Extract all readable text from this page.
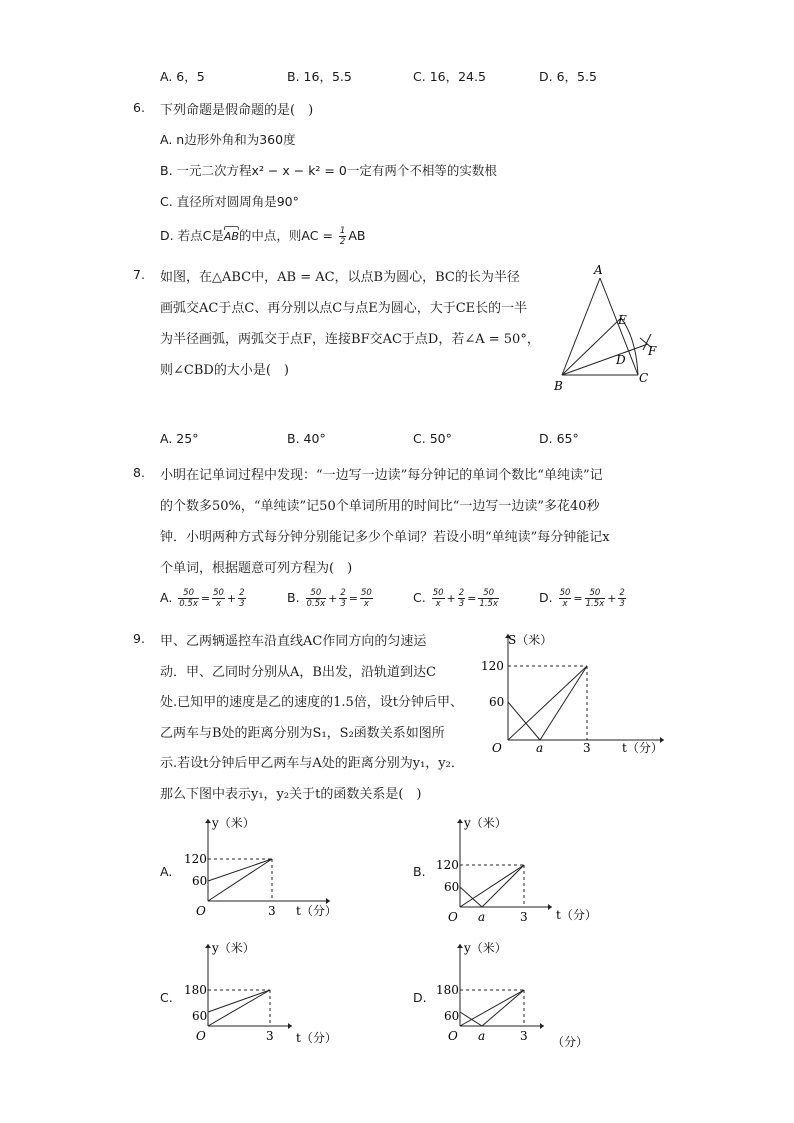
A. 6，5	B. 16，5.5	C. 16，24.5	D. 6，5.5
6. 下列命题是假命题的是(　)
A. n边形外角和为360度
B. 一元二次方程x² − x − k² = 0一定有两个不相等的实数根
C. 直径所对圆周角是90°
D. 若点C是
AB的中点，则AC = $\frac{1}{2}$ AB
7. 如图，在△ABC中，AB = AC，以点B为圆心，BC的长为半径
画弧交AC于点C、再分别以点C与点E为圆心，大于CE长的一半
为半径画弧，两弧交于点F，连接BF交AC于点D，若∠A = 50°，
则∠CBD的大小是(　)
A
B
C
D
E
F
A. 25°	B. 40°	C. 50°	D. 65°
8. 小明在记单词过程中发现：“一边写一边读”每分钟记的单词个数比“单纯读”记
的个数多50%，“单纯读”记50个单词所用的时间比“一边写一边读”多花40秒
钟．小明两种方式每分钟分别能记多少个单词？若设小明“单纯读”每分钟能记x
个单词，根据题意可列方程为(　)
A. $\frac{50}{0.5x} = \frac{50}{x} + \frac{2}{3}$	B. $\frac{50}{0.5x} + \frac{2}{3} = \frac{50}{x}$	C. $\frac{50}{x} + \frac{2}{3} = \frac{50}{1.5x}$	D. $\frac{50}{x} = \frac{50}{1.5x} + \frac{2}{3}$
9. 甲、乙两辆遥控车沿直线AC作同方向的匀速运
动．甲、乙同时分别从A，B出发，沿轨道到达C
处.已知甲的速度是乙的速度的1.5倍，设t分钟后甲、
乙两车与B处的距离分别为S₁，S₂函数关系如图所
示.若设t分钟后甲乙两车与A处的距离分别为y₁，y₂．
那么下图中表示y₁，y₂关于t的函数关系是(　)
S（米）
120
60
O	a	3	t（分）
A.
y（米）
120
60
O	3 t（分）
B.
y（米）
120
60
O a	3 t（分）
C.
y（米）
180
60
O	3 t（分）
D.
y（米）
180
60
O a	3 （分）
